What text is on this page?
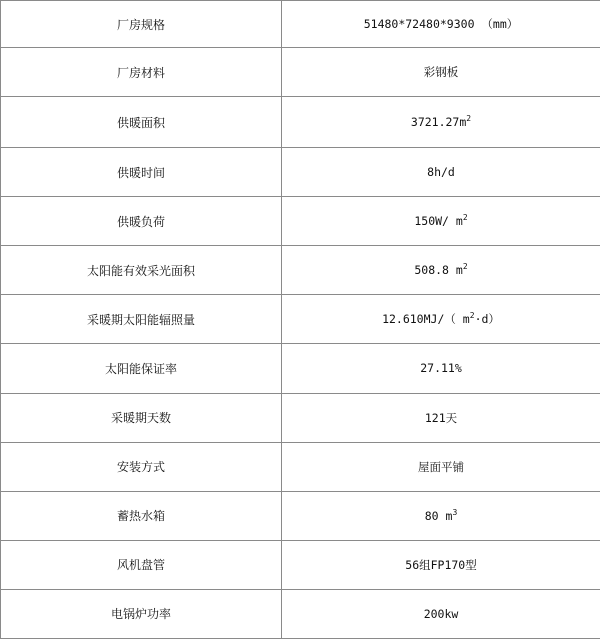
厂房规格	51480*72480*9300 （mm）
厂房材料	彩钢板
供暖面积	$3721.27m^2$
供暖时间	8h/d
供暖负荷	150W/ $m^2$
太阳能有效采光面积	508.8 $m^2$
采暖期太阳能辐照量	12.610MJ/（ $m^2\cdot d$）
太阳能保证率	27.11%
采暖期天数	121天
安装方式	屋面平铺
蓄热水箱	80 $m^3$
风机盘管	56组FP170型
电锅炉功率	200kw
